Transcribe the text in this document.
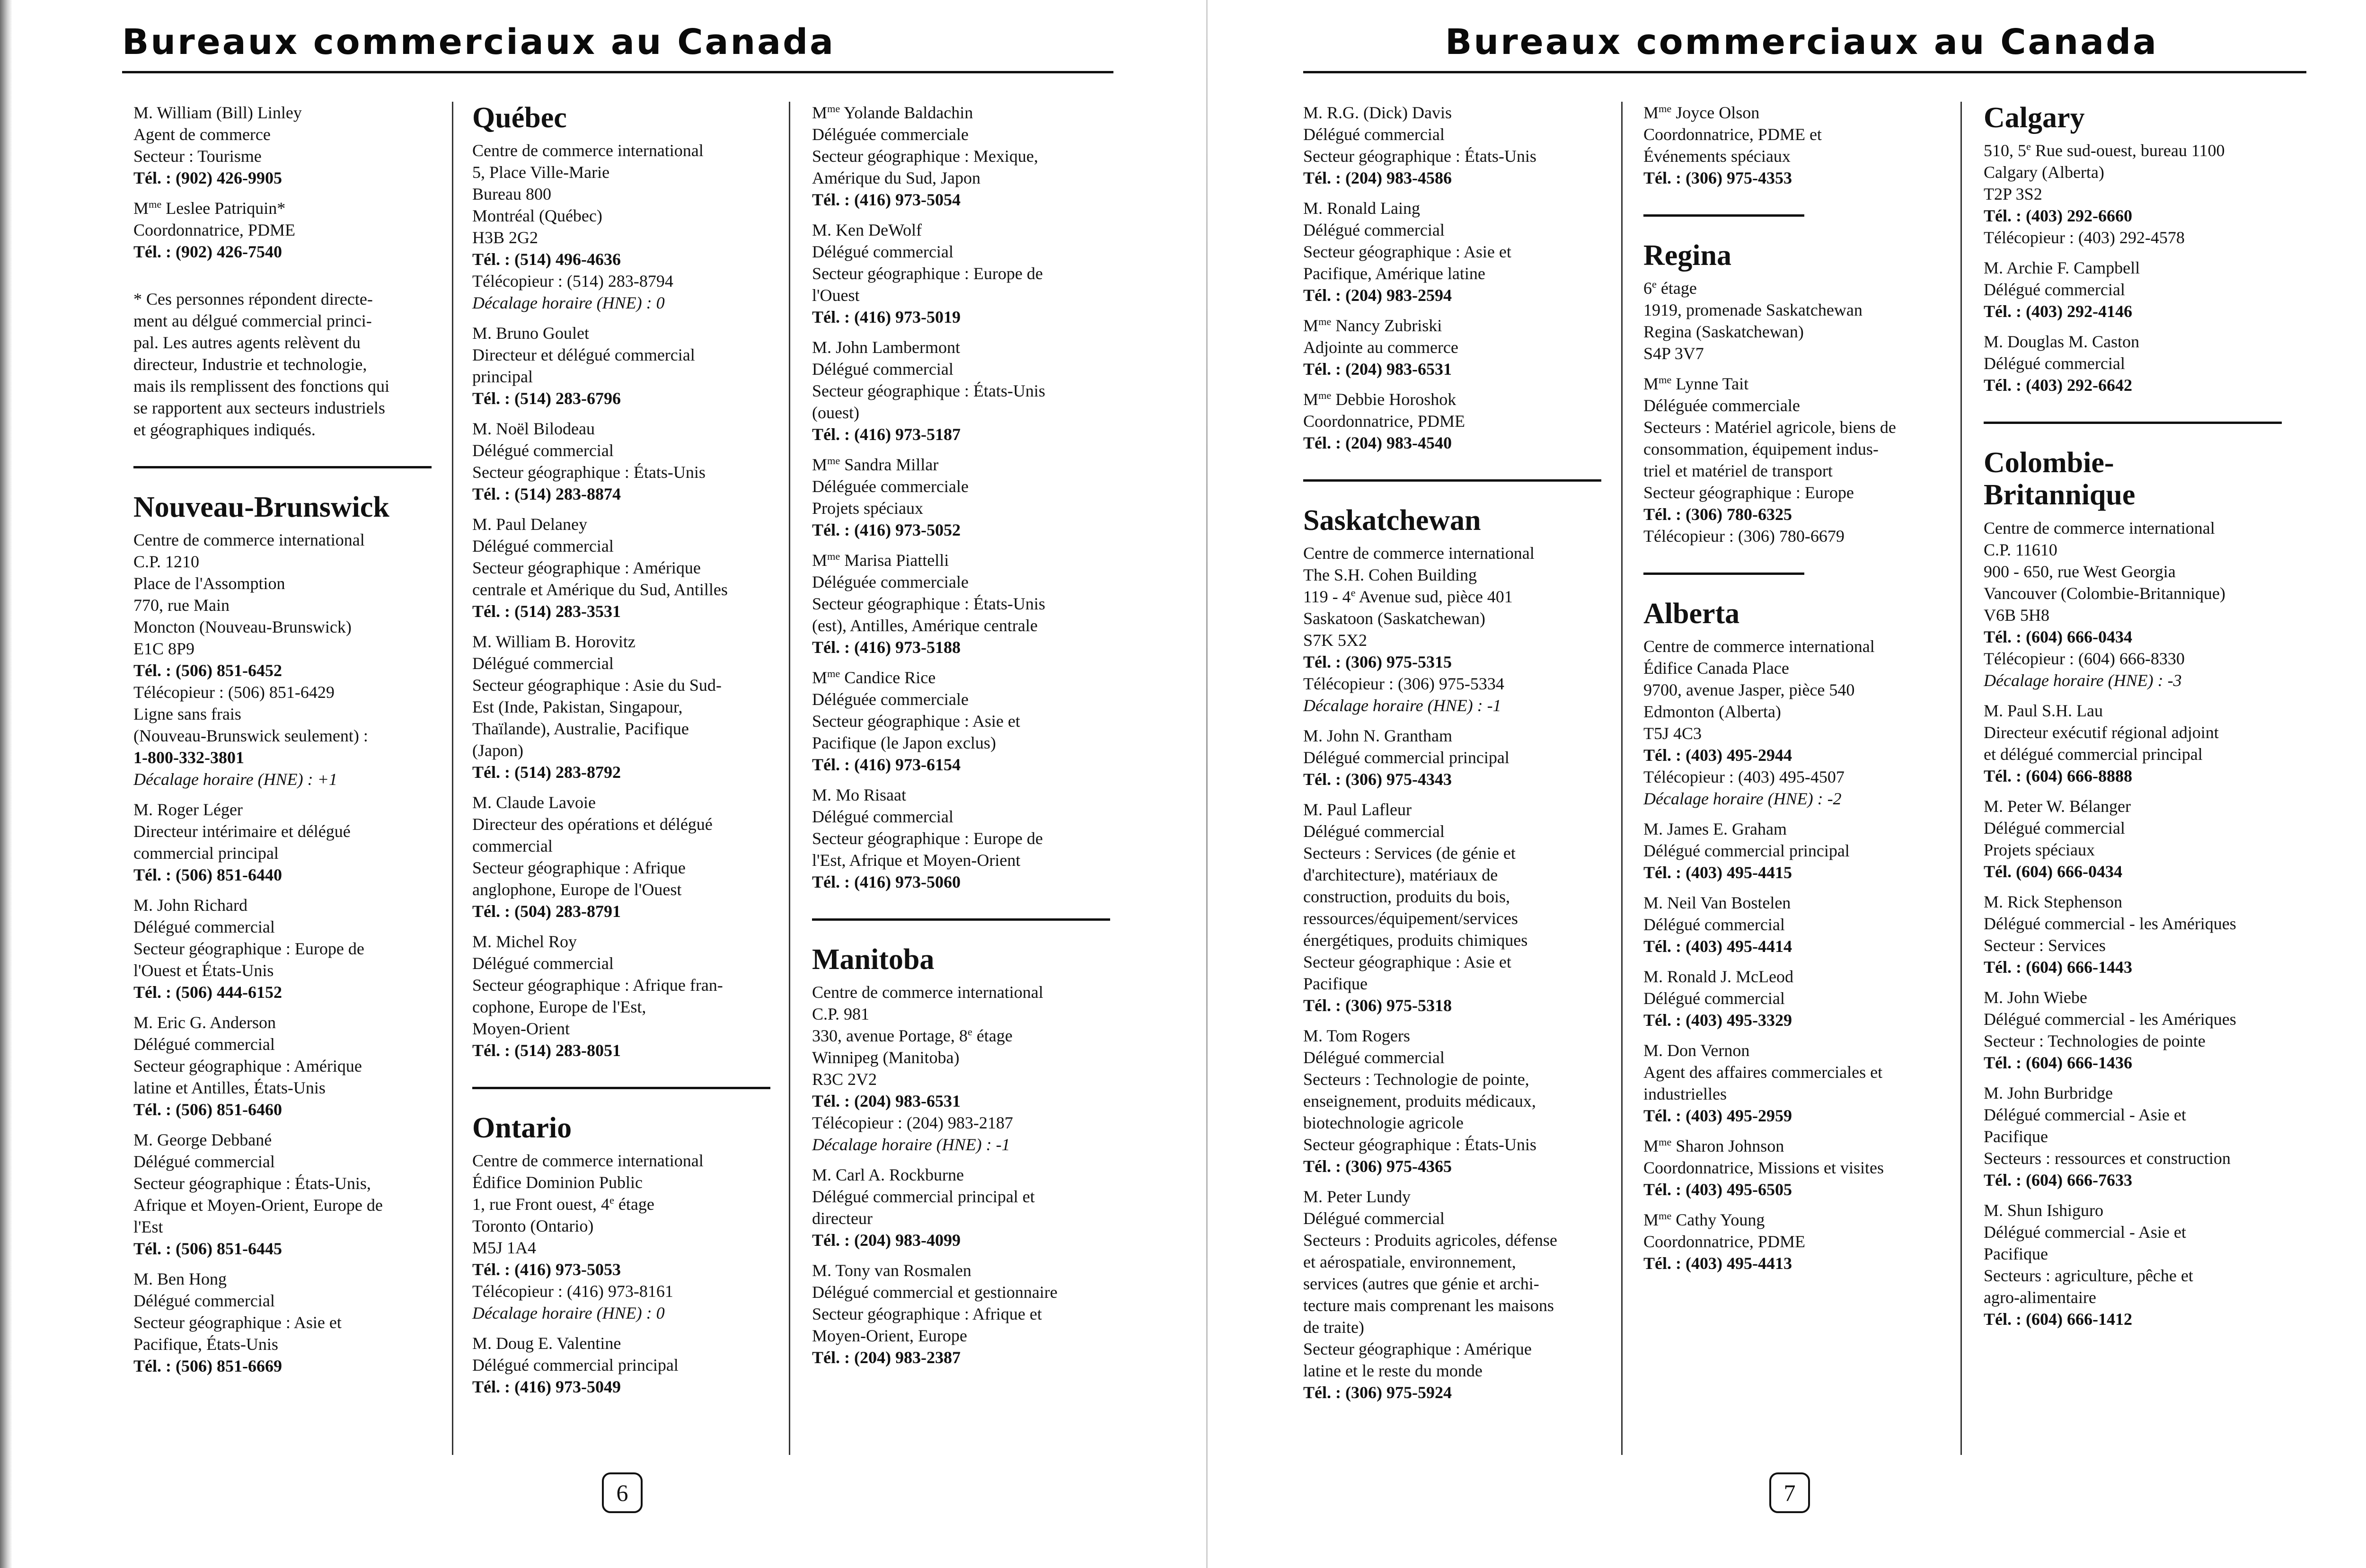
Bureaux commerciaux au Canada
M. William (Bill) Linley
Agent de commerce
Secteur : Tourisme
Tél. : (902) 426-9905
$M^{me}$ Leslee Patriquin*
Coordonnatrice, PDME
Tél. : (902) 426-7540
* Ces personnes répondent directe-
ment au délgué commercial princi-
pal. Les autres agents relèvent du
directeur, Industrie et technologie,
mais ils remplissent des fonctions qui
se rapportent aux secteurs industriels
et géographiques indiqués.
Nouveau-Brunswick
Centre de commerce international
C.P. 1210
Place de l'Assomption
770, rue Main
Moncton (Nouveau-Brunswick)
E1C 8P9
Tél. : (506) 851-6452
Télécopieur : (506) 851-6429
Ligne sans frais
(Nouveau-Brunswick seulement) :
1-800-332-3801
Décalage horaire (HNE) : +1
M. Roger Léger
Directeur intérimaire et délégué
commercial principal
Tél. : (506) 851-6440
M. John Richard
Délégué commercial
Secteur géographique : Europe de
l'Ouest et États-Unis
Tél. : (506) 444-6152
M. Eric G. Anderson
Délégué commercial
Secteur géographique : Amérique
latine et Antilles, États-Unis
Tél. : (506) 851-6460
M. George Debbané
Délégué commercial
Secteur géographique : États-Unis,
Afrique et Moyen-Orient, Europe de
l'Est
Tél. : (506) 851-6445
M. Ben Hong
Délégué commercial
Secteur géographique : Asie et
Pacifique, États-Unis
Tél. : (506) 851-6669
Québec
Centre de commerce international
5, Place Ville-Marie
Bureau 800
Montréal (Québec)
H3B 2G2
Tél. : (514) 496-4636
Télécopieur : (514) 283-8794
Décalage horaire (HNE) : 0
M. Bruno Goulet
Directeur et délégué commercial
principal
Tél. : (514) 283-6796
M. Noël Bilodeau
Délégué commercial
Secteur géographique : États-Unis
Tél. : (514) 283-8874
M. Paul Delaney
Délégué commercial
Secteur géographique : Amérique
centrale et Amérique du Sud, Antilles
Tél. : (514) 283-3531
M. William B. Horovitz
Délégué commercial
Secteur géographique : Asie du Sud-
Est (Inde, Pakistan, Singapour,
Thaïlande), Australie, Pacifique
(Japon)
Tél. : (514) 283-8792
M. Claude Lavoie
Directeur des opérations et délégué
commercial
Secteur géographique : Afrique
anglophone, Europe de l'Ouest
Tél. : (504) 283-8791
M. Michel Roy
Délégué commercial
Secteur géographique : Afrique fran-
cophone, Europe de l'Est,
Moyen-Orient
Tél. : (514) 283-8051
Ontario
Centre de commerce international
Édifice Dominion Public
1, rue Front ouest, 4e étage
Toronto (Ontario)
M5J 1A4
Tél. : (416) 973-5053
Télécopieur : (416) 973-8161
Décalage horaire (HNE) : 0
M. Doug E. Valentine
Délégué commercial principal
Tél. : (416) 973-5049
$M^{me}$ Yolande Baldachin
Déléguée commerciale
Secteur géographique : Mexique,
Amérique du Sud, Japon
Tél. : (416) 973-5054
M. Ken DeWolf
Délégué commercial
Secteur géographique : Europe de
l'Ouest
Tél. : (416) 973-5019
M. John Lambermont
Délégué commercial
Secteur géographique : États-Unis
(ouest)
Tél. : (416) 973-5187
$M^{me}$ Sandra Millar
Déléguée commerciale
Projets spéciaux
Tél. : (416) 973-5052
$M^{me}$ Marisa Piattelli
Déléguée commerciale
Secteur géographique : États-Unis
(est), Antilles, Amérique centrale
Tél. : (416) 973-5188
$M^{me}$ Candice Rice
Déléguée commerciale
Secteur géographique : Asie et
Pacifique (le Japon exclus)
Tél. : (416) 973-6154
M. Mo Risaat
Délégué commercial
Secteur géographique : Europe de
l'Est, Afrique et Moyen-Orient
Tél. : (416) 973-5060
Manitoba
Centre de commerce international
C.P. 981
330, avenue Portage, 8e étage
Winnipeg (Manitoba)
R3C 2V2
Tél. : (204) 983-6531
Télécopieur : (204) 983-2187
Décalage horaire (HNE) : -1
M. Carl A. Rockburne
Délégué commercial principal et
directeur
Tél. : (204) 983-4099
M. Tony van Rosmalen
Délégué commercial et gestionnaire
Secteur géographique : Afrique et
Moyen-Orient, Europe
Tél. : (204) 983-2387
6
Bureaux commerciaux au Canada
M. R.G. (Dick) Davis
Délégué commercial
Secteur géographique : États-Unis
Tél. : (204) 983-4586
M. Ronald Laing
Délégué commercial
Secteur géographique : Asie et
Pacifique, Amérique latine
Tél. : (204) 983-2594
$M^{me}$ Nancy Zubriski
Adjointe au commerce
Tél. : (204) 983-6531
$M^{me}$ Debbie Horoshok
Coordonnatrice, PDME
Tél. : (204) 983-4540
Saskatchewan
Centre de commerce international
The S.H. Cohen Building
119 - 4e Avenue sud, pièce 401
Saskatoon (Saskatchewan)
S7K 5X2
Tél. : (306) 975-5315
Télécopieur : (306) 975-5334
Décalage horaire (HNE) : -1
M. John N. Grantham
Délégué commercial principal
Tél. : (306) 975-4343
M. Paul Lafleur
Délégué commercial
Secteurs : Services (de génie et
d'architecture), matériaux de
construction, produits du bois,
ressources/équipement/services
énergétiques, produits chimiques
Secteur géographique : Asie et
Pacifique
Tél. : (306) 975-5318
M. Tom Rogers
Délégué commercial
Secteurs : Technologie de pointe,
enseignement, produits médicaux,
biotechnologie agricole
Secteur géographique : États-Unis
Tél. : (306) 975-4365
M. Peter Lundy
Délégué commercial
Secteurs : Produits agricoles, défense
et aérospatiale, environnement,
services (autres que génie et archi-
tecture mais comprenant les maisons
de traite)
Secteur géographique : Amérique
latine et le reste du monde
Tél. : (306) 975-5924
$M^{me}$ Joyce Olson
Coordonnatrice, PDME et
Événements spéciaux
Tél. : (306) 975-4353
Regina
6e étage
1919, promenade Saskatchewan
Regina (Saskatchewan)
S4P 3V7
$M^{me}$ Lynne Tait
Déléguée commerciale
Secteurs : Matériel agricole, biens de
consommation, équipement indus-
triel et matériel de transport
Secteur géographique : Europe
Tél. : (306) 780-6325
Télécopieur : (306) 780-6679
Alberta
Centre de commerce international
Édifice Canada Place
9700, avenue Jasper, pièce 540
Edmonton (Alberta)
T5J 4C3
Tél. : (403) 495-2944
Télécopieur : (403) 495-4507
Décalage horaire (HNE) : -2
M. James E. Graham
Délégué commercial principal
Tél. : (403) 495-4415
M. Neil Van Bostelen
Délégué commercial
Tél. : (403) 495-4414
M. Ronald J. McLeod
Délégué commercial
Tél. : (403) 495-3329
M. Don Vernon
Agent des affaires commerciales et
industrielles
Tél. : (403) 495-2959
$M^{me}$ Sharon Johnson
Coordonnatrice, Missions et visites
Tél. : (403) 495-6505
$M^{me}$ Cathy Young
Coordonnatrice, PDME
Tél. : (403) 495-4413
Calgary
510, 5e Rue sud-ouest, bureau 1100
Calgary (Alberta)
T2P 3S2
Tél. : (403) 292-6660
Télécopieur : (403) 292-4578
M. Archie F. Campbell
Délégué commercial
Tél. : (403) 292-4146
M. Douglas M. Caston
Délégué commercial
Tél. : (403) 292-6642
Colombie-
Britannique
Centre de commerce international
C.P. 11610
900 - 650, rue West Georgia
Vancouver (Colombie-Britannique)
V6B 5H8
Tél. : (604) 666-0434
Télécopieur : (604) 666-8330
Décalage horaire (HNE) : -3
M. Paul S.H. Lau
Directeur exécutif régional adjoint
et délégué commercial principal
Tél. : (604) 666-8888
M. Peter W. Bélanger
Délégué commercial
Projets spéciaux
Tél. (604) 666-0434
M. Rick Stephenson
Délégué commercial - les Amériques
Secteur : Services
Tél. : (604) 666-1443
M. John Wiebe
Délégué commercial - les Amériques
Secteur : Technologies de pointe
Tél. : (604) 666-1436
M. John Burbridge
Délégué commercial - Asie et
Pacifique
Secteurs : ressources et construction
Tél. : (604) 666-7633
M. Shun Ishiguro
Délégué commercial - Asie et
Pacifique
Secteurs : agriculture, pêche et
agro-alimentaire
Tél. : (604) 666-1412
7
